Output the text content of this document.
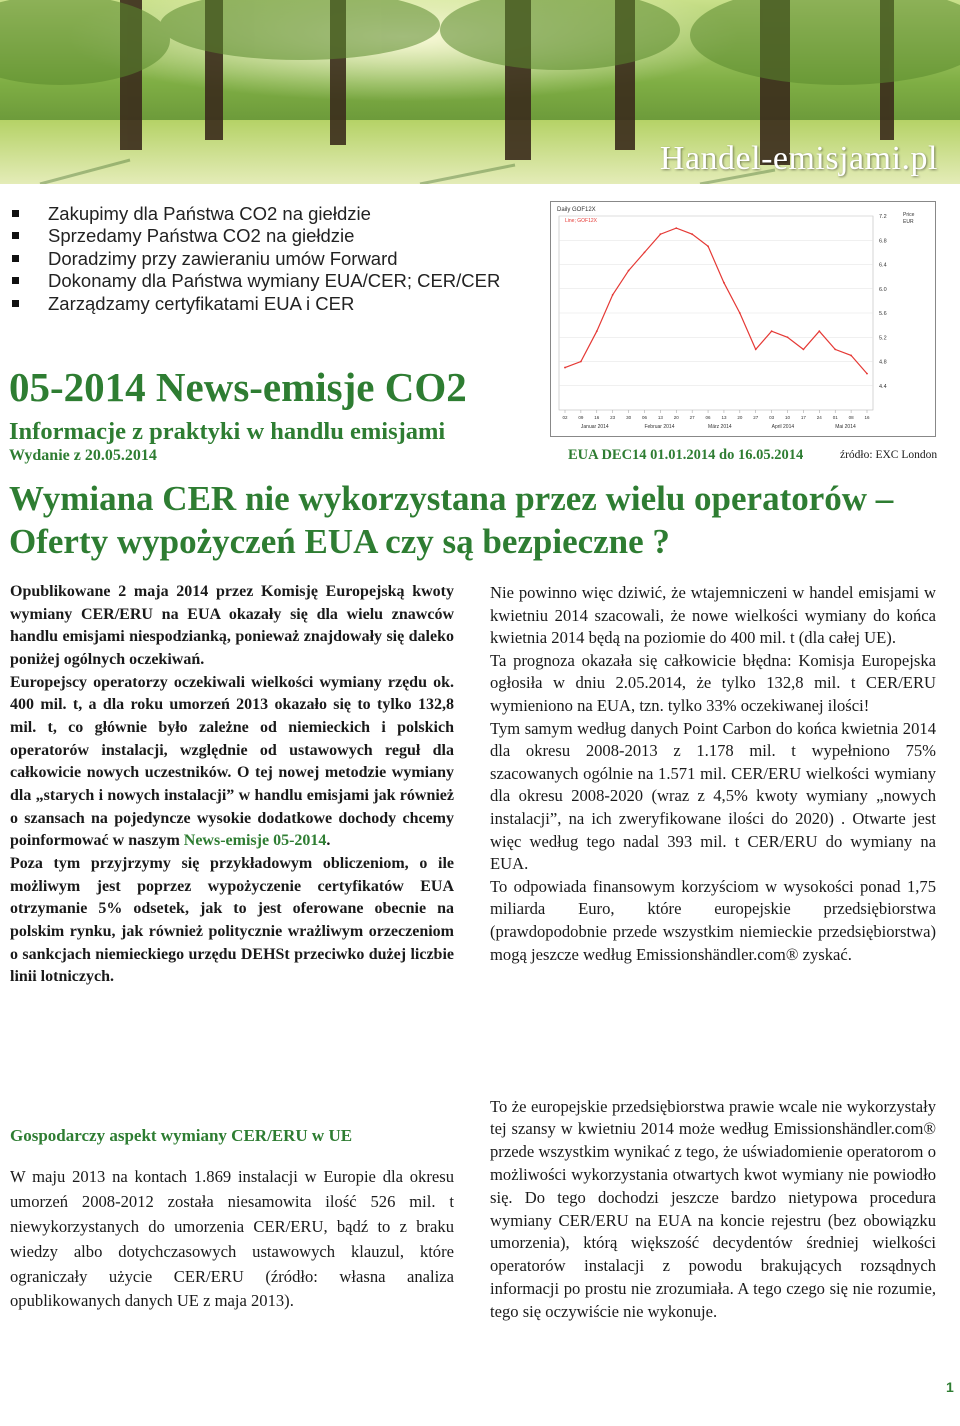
Handel-emisjami.pl
Zakupimy dla Państwa CO2 na giełdzie
Sprzedamy Państwa CO2 na giełdzie
Doradzimy przy zawieraniu umów Forward
Dokonamy dla Państwa wymiany EUA/CER; CER/CER
Zarządzamy certyfikatami EUA i CER
05-2014 News-emisje CO2
Informacje z praktyki w handlu emisjami
Wydanie z 20.05.2014
Daily GOF12X
Line; GOF12X
Price
EUR
4.4
4.8
5.2
5.6
6.0
6.4
6.8
7.2
02 09 16 23 30 06 13 20 27 06 13 20 27 03 10 17 24 01 08 16
Januar 2014	Februar 2014	März 2014	April 2014	Mai 2014
EUA DEC14 01.01.2014 do 16.05.2014	źródło: EXC London
Wymiana CER nie wykorzystana przez wielu operatorów – Oferty wypożyczeń EUA czy są bezpieczne ?

Opublikowane 2 maja 2014 przez Komisję Europejską kwoty wymiany CER/ERU na EUA okazały się dla wielu znawców handlu emisjami niespodzianką, ponieważ znajdowały się daleko poniżej ogólnych oczekiwań.

Europejscy operatorzy oczekiwali wielkości wymiany rzędu ok. 400 mil. t, a dla roku umorzeń 2013 okazało się to tylko 132,8 mil. t, co głównie było zależne od niemieckich i polskich operatorów instalacji, względnie od ustawowych reguł dla całkowicie nowych uczestników. O tej nowej metodzie wymiany dla „starych i nowych instalacji” w handlu emisjami jak również o szansach na pojedyncze wysokie dodatkowe dochody chcemy poinformować w naszym News-emisje 05-2014.

Poza tym przyjrzymy się przykładowym obliczeniom, o ile możliwym jest poprzez wypożyczenie certyfikatów EUA otrzymanie 5% odsetek, jak to jest oferowane obecnie na polskim rynku, jak również politycznie wrażliwym orzeczeniom o sankcjach niemieckiego urzędu DEHSt przeciwko dużej liczbie linii lotniczych.

Gospodarczy aspekt wymiany CER/ERU w UE

W maju 2013 na kontach 1.869 instalacji w Europie dla okresu umorzeń 2008-2012 została niesamowita ilość 526 mil. t niewykorzystanych do umorzenia CER/ERU, bądź to z braku wiedzy albo dotychczasowych ustawowych klauzul, które ograniczały użycie CER/ERU (źródło: własna analiza opublikowanych danych UE z maja 2013).

Nie powinno więc dziwić, że wtajemniczeni w handel emisjami w kwietniu 2014 szacowali, że nowe wielkości wymiany do końca kwietnia 2014 będą na poziomie do 400 mil. t (dla całej UE).

Ta prognoza okazała się całkowicie błędna: Komisja Europejska ogłosiła w dniu 2.05.2014, że tylko 132,8 mil. t CER/ERU wymieniono na EUA, tzn. tylko 33% oczekiwanej ilości!

Tym samym według danych Point Carbon do końca kwietnia 2014 dla okresu 2008-2013 z 1.178 mil. t wypełniono 75% szacowanych ogólnie na 1.571 mil. CER/ERU wielkości wymiany dla okresu 2008-2020 (wraz z 4,5% kwoty wymiany „nowych instalacji”, na ich zweryfikowane ilości do 2020) . Otwarte jest więc według tego nadal 393 mil. t CER/ERU do wymiany na EUA.

To odpowiada finansowym korzyściom w wysokości ponad 1,75 miliarda Euro, które europejskie przedsiębiorstwa (prawdopodobnie przede wszystkim niemieckie przedsiębiorstwa) mogą jeszcze według Emissionshändler.com® zyskać.

To że europejskie przedsiębiorstwa prawie wcale nie wykorzystały tej szansy w kwietniu 2014 może według Emissionshändler.com® przede wszystkim wynikać z tego, że uświadomienie operatorom o możliwości wykorzystania otwartych kwot wymiany nie powiodło się. Do tego dochodzi jeszcze bardzo nietypowa procedura wymiany CER/ERU na EUA na koncie rejestru (bez obowiązku umorzenia), którą większość decydentów średniej wielkości operatorów instalacji z powodu brakujących rozsądnych informacji po prostu nie zrozumiała. A tego czego się nie rozumie, tego się oczywiście nie wykonuje.

1
